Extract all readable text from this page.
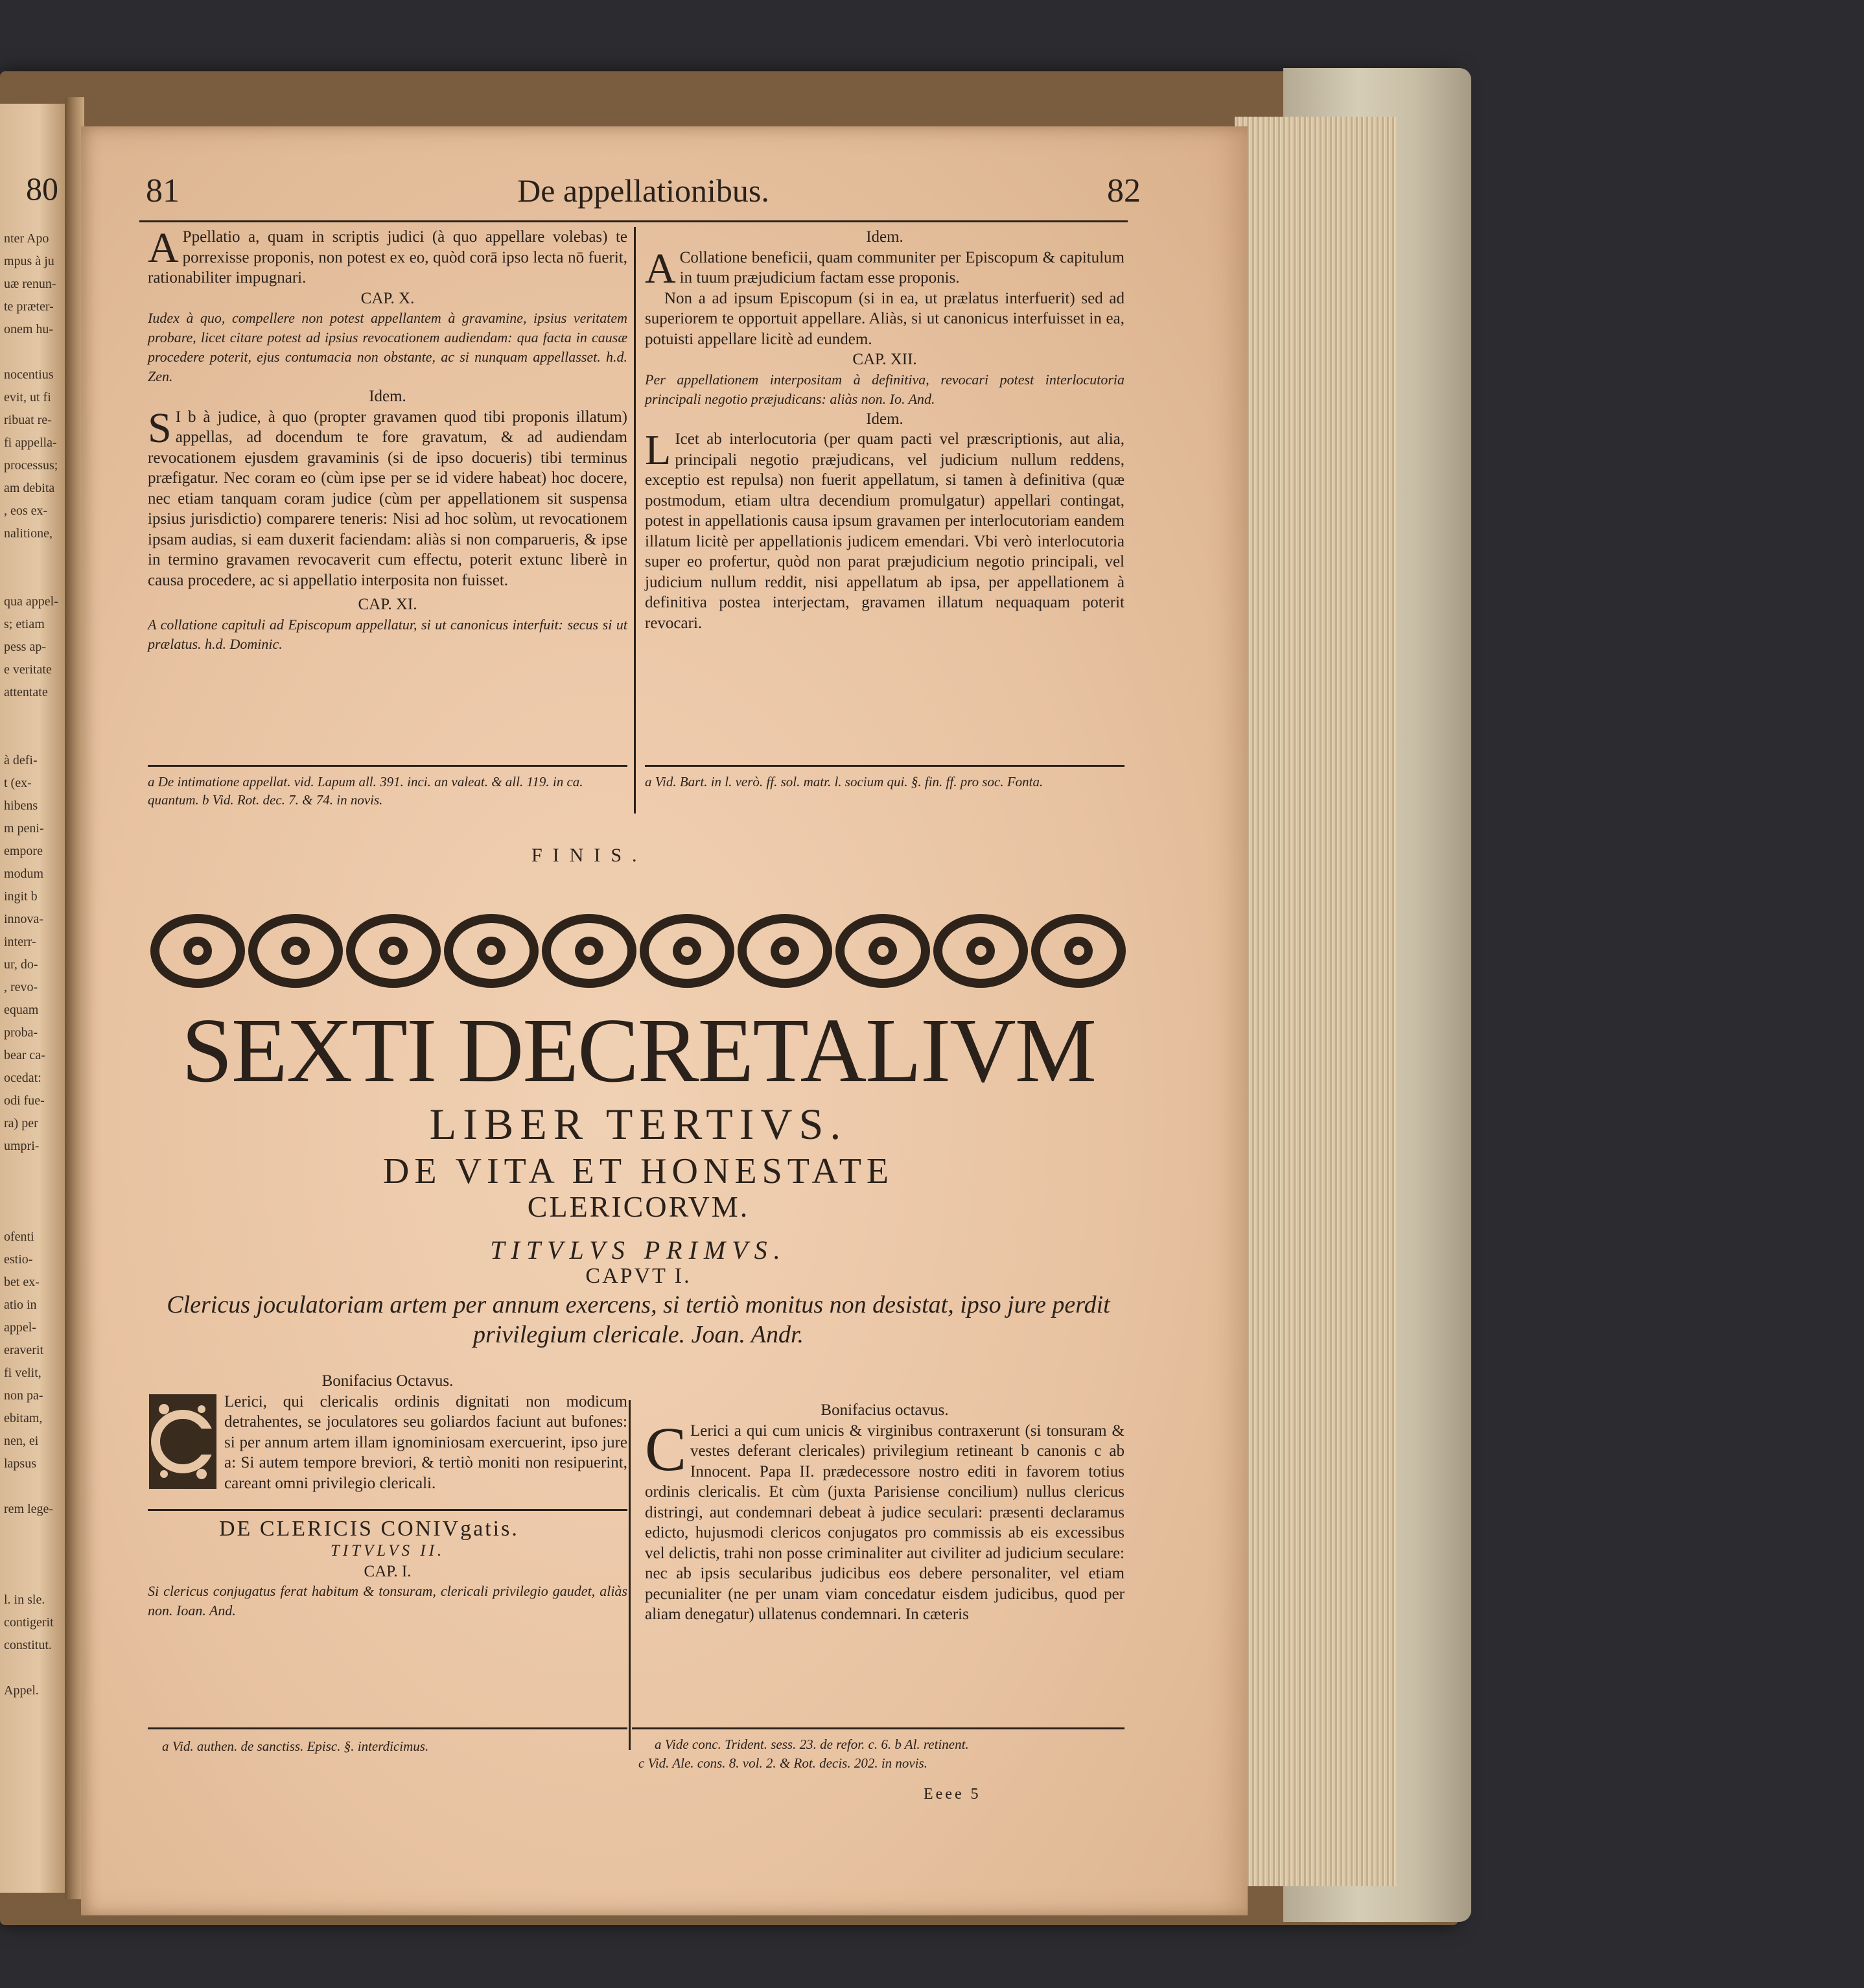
80
nter Apo
mpus à ju
uæ renun-
te præter-
onem hu-
nocentius
evit, ut fi
ribuat re-
fi appella-
processus;
am debita
, eos ex-
nalitione,
qua appel-
s; etiam
pess ap-
e veritate
attentate
à defi-
t (ex-
hibens
m peni-
empore
modum
ingit b
innova-
interr-
ur, do-
, revo-
equam
proba-
bear ca-
ocedat:
odi fue-
ra) per
umpri-
ofenti
estio-
bet ex-
atio in
appel-
eraverit
fi velit,
non pa-
ebitam,
nen, ei
lapsus
rem lege-
l. in sle.
contigerit
constitut.
Appel.
81	De appellationibus.	82

A Ppellatio a, quam in scriptis judici (à quo appellare volebas) te porrexisse proponis, non potest ex eo, quòd corā ipso lecta nō fuerit, rationabiliter impugnari.

CAP. X.
Iudex à quo, compellere non potest appellantem à gravamine, ipsius veritatem probare, licet citare potest ad ipsius revocationem audiendam: qua facta in causæ procedere poterit, ejus contumacia non obstante, ac si nunquam appellasset. h.d. Zen.
Idem.

S I b à judice, à quo (propter gravamen quod tibi proponis illatum) appellas, ad docendum te fore gravatum, & ad audiendam revocationem ejusdem gravaminis (si de ipso docueris) tibi terminus præfigatur. Nec coram eo (cùm ipse per se id videre habeat) hoc docere, nec etiam tanquam coram judice (cùm per appellationem sit suspensa ipsius jurisdictio) comparere teneris: Nisi ad hoc solùm, ut revocationem ipsam audias, si eam duxerit faciendam: aliàs si non comparueris, & ipse in termino gravamen revocaverit cum effectu, poterit extunc liberè in causa procedere, ac si appellatio interposita non fuisset.

CAP. XI.
A collatione capituli ad Episcopum appellatur, si ut canonicus interfuit: secus si ut prælatus. h.d. Dominic.
Idem.

A Collatione beneficii, quam communiter per Episcopum & capitulum in tuum præjudicium factam esse proponis.

Non a ad ipsum Episcopum (si in ea, ut prælatus interfuerit) sed ad superiorem te opportuit appellare. Aliàs, si ut canonicus interfuisset in ea, potuisti appellare licitè ad eundem.

CAP. XII.
Per appellationem interpositam à definitiva, revocari potest interlocutoria principali negotio præjudicans: aliàs non. Io. And.
Idem.

L Icet ab interlocutoria (per quam pacti vel præscriptionis, aut alia, principali negotio præjudicans, vel judicium nullum reddens, exceptio est repulsa) non fuerit appellatum, si tamen à definitiva (quæ postmodum, etiam ultra decendium promulgatur) appellari contingat, potest in appellationis causa ipsum gravamen per interlocutoriam eandem illatum licitè per appellationis judicem emendari. Vbi verò interlocutoria super eo profertur, quòd non parat præjudicium negotio principali, vel judicium nullum reddit, nisi appellatum ab ipsa, per appellationem à definitiva postea interjectam, gravamen illatum nequaquam poterit revocari.

a De intimatione appellat. vid. Lapum all. 391. inci. an valeat. & all. 119. in ca. quantum. b Vid. Rot. dec. 7. & 74. in novis.
a Vid. Bart. in l. verò. ff. sol. matr. l. socium qui. §. fin. ff. pro soc. Fonta.
FINIS.
SEXTI DECRETALIVM
LIBER TERTIVS.
DE VITA ET HONESTATE
CLERICORVM.
TITVLVS PRIMVS.
CAPVT I.
Clericus joculatoriam artem per annum exercens, si tertiò monitus non desistat, ipso jure perdit privilegium clericale. Joan. Andr.
Bonifacius Octavus.

Lerici, qui clericalis ordinis dignitati non modicum detrahentes, se joculatores seu goliardos faciunt aut bufones: si per annum artem illam ignominiosam exercuerint, ipso jure a: Si autem tempore breviori, & tertiò moniti non resipuerint, careant omni privilegio clericali.

DE CLERICIS CONIVgatis.
TITVLVS II.
CAP. I.
Si clericus conjugatus ferat habitum & tonsuram, clericali privilegio gaudet, aliàs non. Ioan. And.
Bonifacius octavus.

C Lerici a qui cum unicis & virginibus contraxerunt (si tonsuram & vestes deferant clericales) privilegium retineant b canonis c ab Innocent. Papa II. prædecessore nostro editi in favorem totius ordinis clericalis. Et cùm (juxta Parisiense concilium) nullus clericus distringi, aut condemnari debeat à judice seculari: præsenti declaramus edicto, hujusmodi clericos conjugatos pro commissis ab eis excessibus vel delictis, trahi non posse criminaliter aut civiliter ad judicium seculare: nec ab ipsis secularibus judicibus eos debere personaliter, vel etiam pecunialiter (ne per unam viam concedatur eisdem judicibus, quod per aliam denegatur) ullatenus condemnari. In cæteris

a Vid. authen. de sanctiss. Episc. §. interdicimus.	a Vide conc. Trident. sess. 23. de refor. c. 6. b Al. retinent.
c Vid. Ale. cons. 8. vol. 2. & Rot. decis. 202. in novis.
Eeee 5
